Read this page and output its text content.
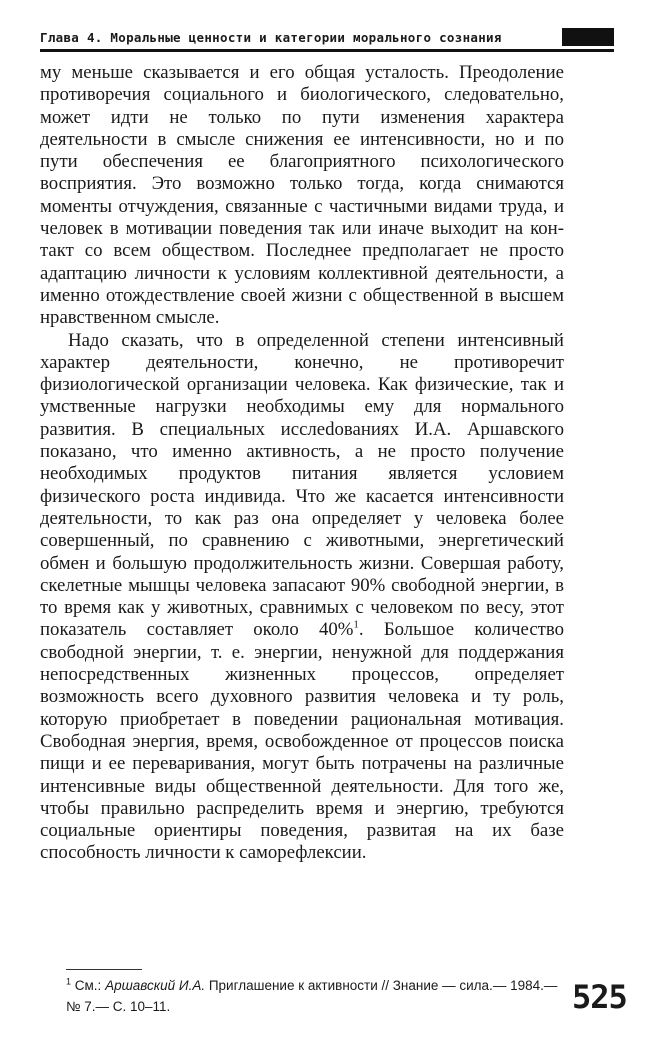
Глава 4. Моральные ценности и категории морального сознания

му меньше сказывается и его общая усталость. Преодоление противоречия социального и биологического, следовательно, может идти не только по пути изменения характера деятельности в смысле снижения ее интенсивности, но и по пути обеспечения ее благоприятного психологического восприятия. Это возможно только тогда, когда снимаются моменты отчуждения, связанные с частичными видами труда, и человек в мотивации поведения так или иначе выходит на контакт со всем обществом. Последнее предполагает не просто адаптацию личности к условиям коллективной деятельности, а именно отождествление своей жизни с общественной в высшем нравственном смысле.

Надо сказать, что в определенной степени интенсивный характер деятельности, конечно, не противоречит физиологической организации человека. Как физические, так и умственные нагрузки необходимы ему для нормального развития. В специальных исслеdованиях И.А. Аршавского показано, что именно активность, а не просто получение необходимых продуктов питания является условием физического роста индивида. Что же касается интенсивности деятельности, то как раз она определяет у человека более совершенный, по сравнению с животными, энергетический обмен и большую продолжительность жизни. Совершая работу, скелетные мышцы человека запасают 90% свободной энергии, в то время как у животных, сравнимых с человеком по весу, этот показатель составляет около 40%$^1$. Большое количество свободной энергии, т. е. энергии, ненужной для поддержания непосредственных жизненных процессов, определяет возможность всего духовного развития человека и ту роль, которую приобретает в поведении рациональная мотивация. Свободная энергия, время, освобожденное от процессов поиска пищи и ее переваривания, могут быть потрачены на различные интенсивные виды общественной деятельности. Для того же, чтобы правильно распределить время и энергию, требуются социальные ориентиры поведения, развитая на их базе способность личности к саморефлексии.

$^1$ См.: Аршавский И.А. Приглашение к активности // Знание — сила.— 1984.— № 7.— С. 10–11.	525
